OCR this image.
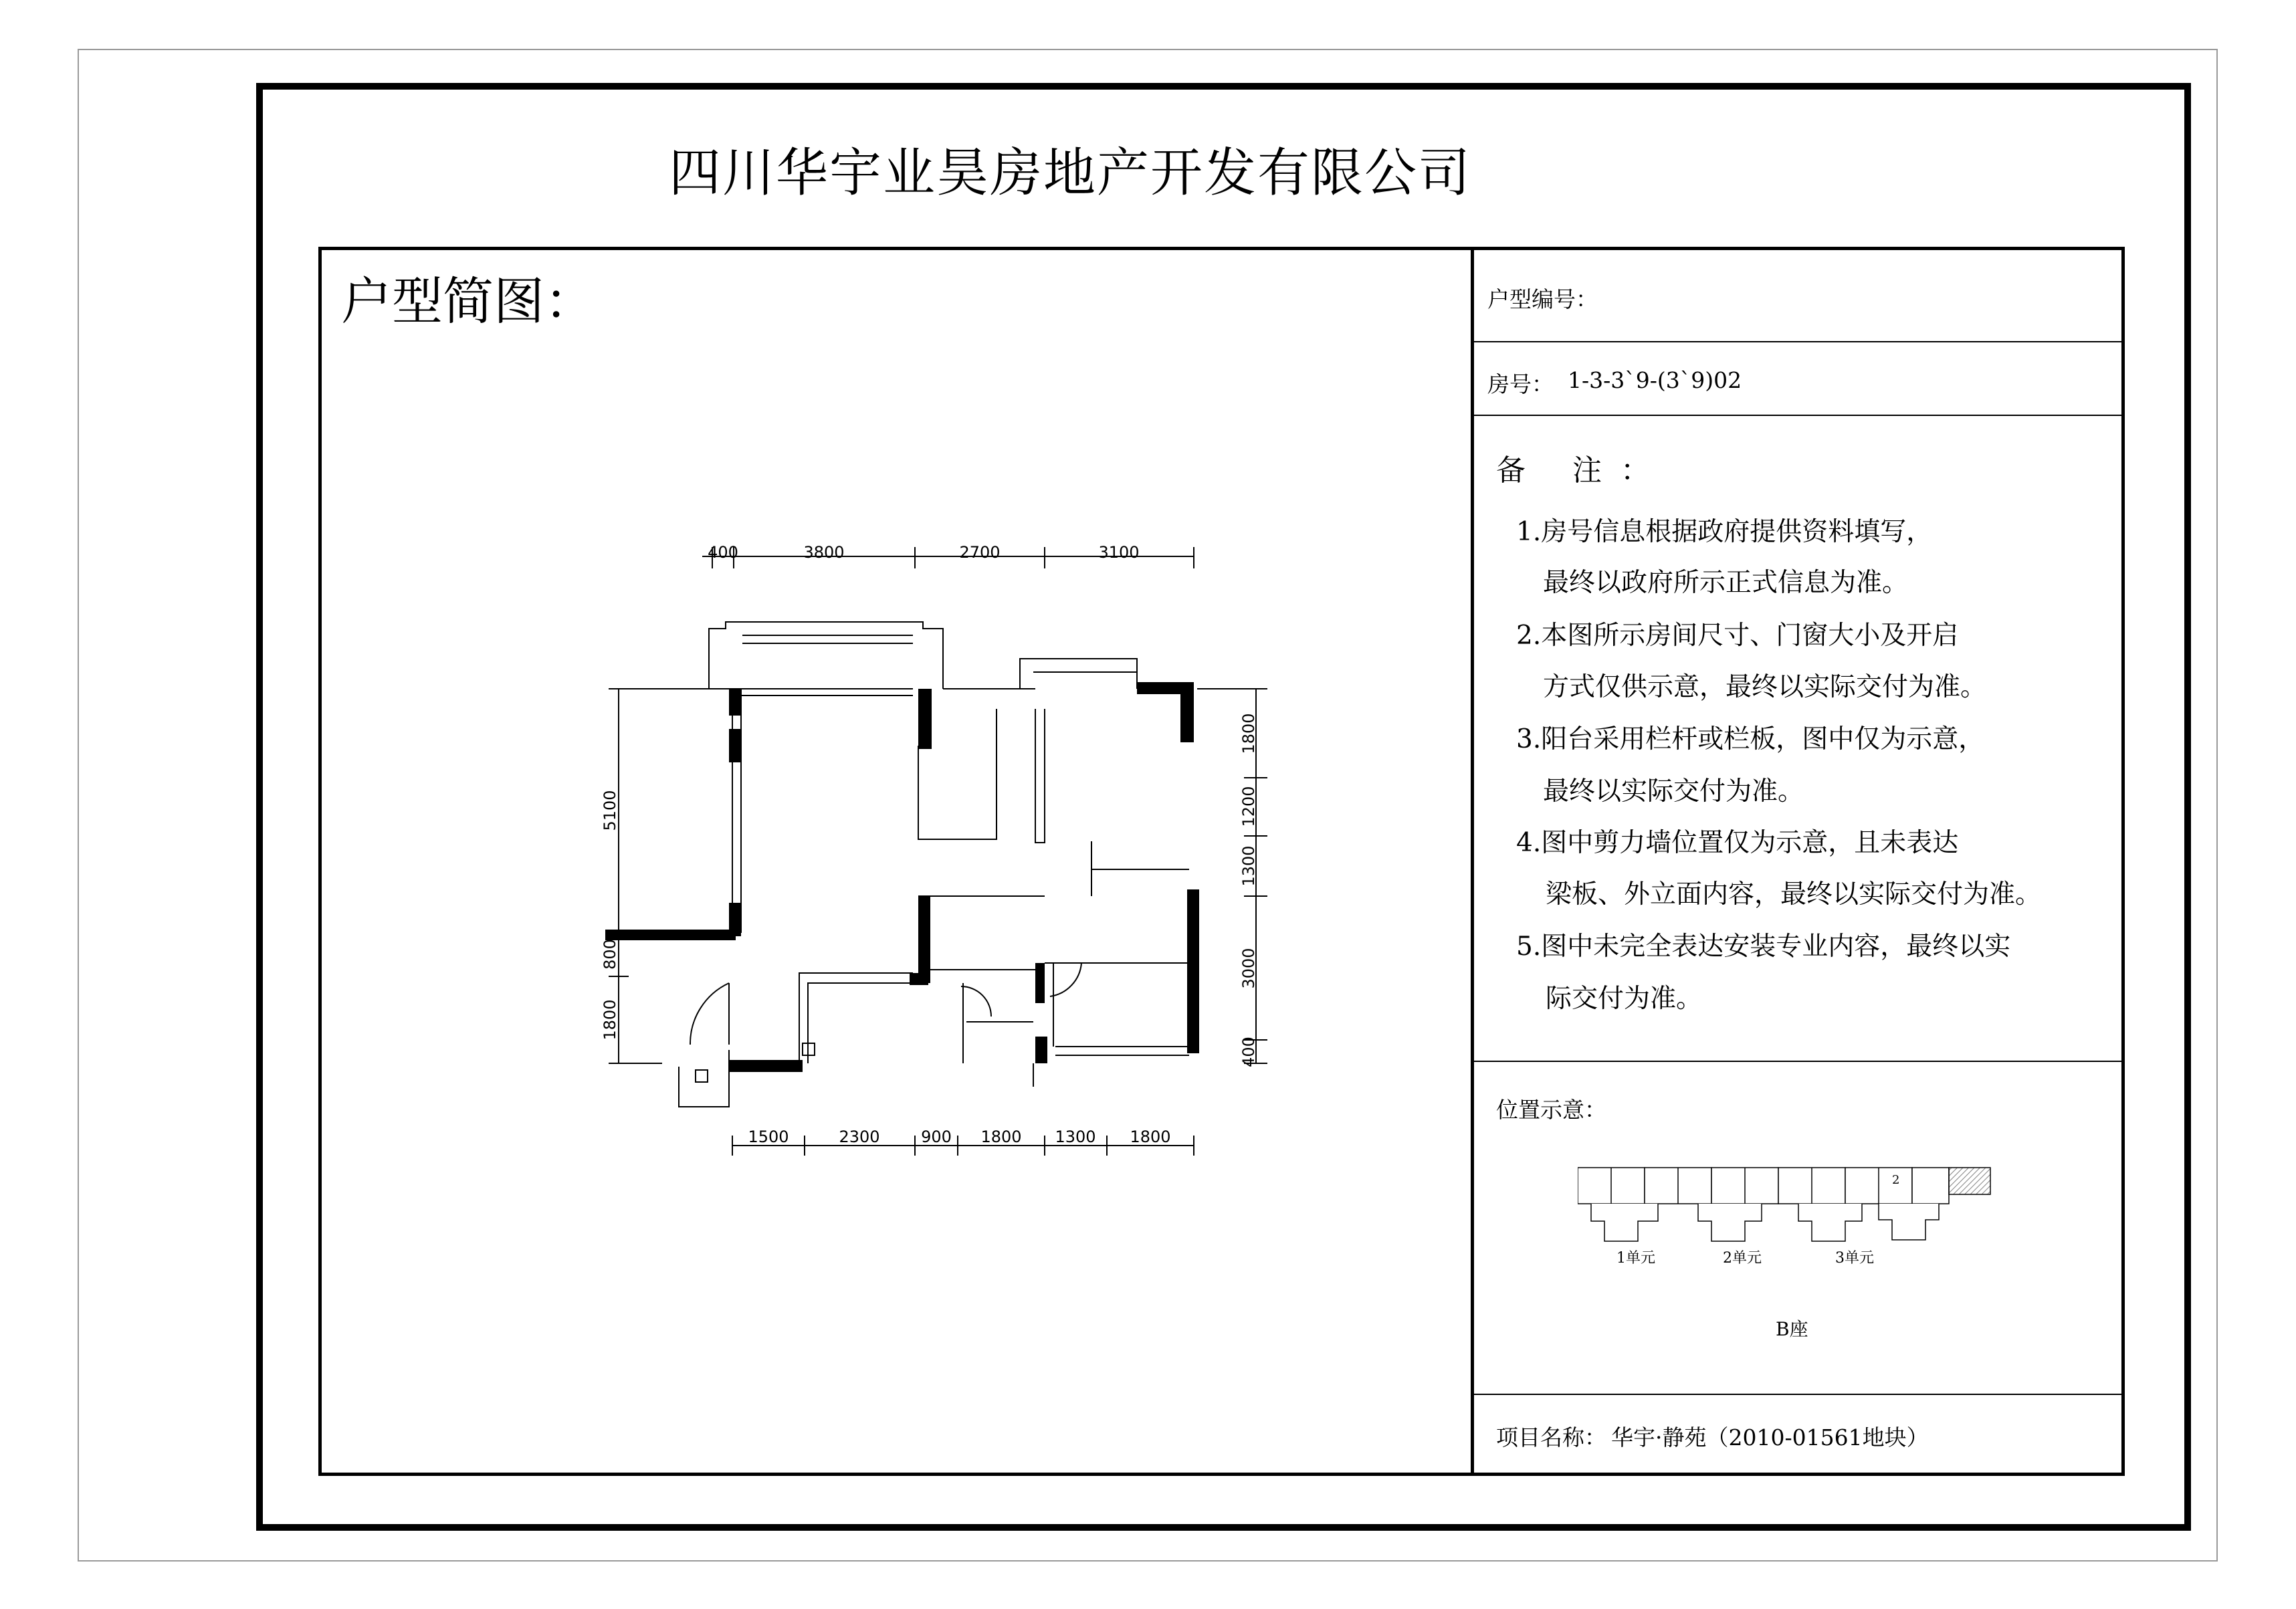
四川华宇业昊房地产开发有限公司
户型简图：
400	3800	2700	3100
1500	2300	900 1800 1300 1800
5100
800
1800
1800
1200
1300
3000
400
户型编号：
房号： 1-3-3`9-(3`9)02
备 注：
1.房号信息根据政府提供资料填写，
最终以政府所示正式信息为准。
2.本图所示房间尺寸、门窗大小及开启
方式仅供示意，最终以实际交付为准。
3.阳台采用栏杆或栏板，图中仅为示意，
最终以实际交付为准。
4.图中剪力墙位置仅为示意，且未表达
梁板、外立面内容，最终以实际交付为准。
5.图中未完全表达安装专业内容，最终以实
际交付为准。
位置示意：
1单元	2单元	3单元
B座
项目名称： 华宇·静苑（2010-01561地块）
2
